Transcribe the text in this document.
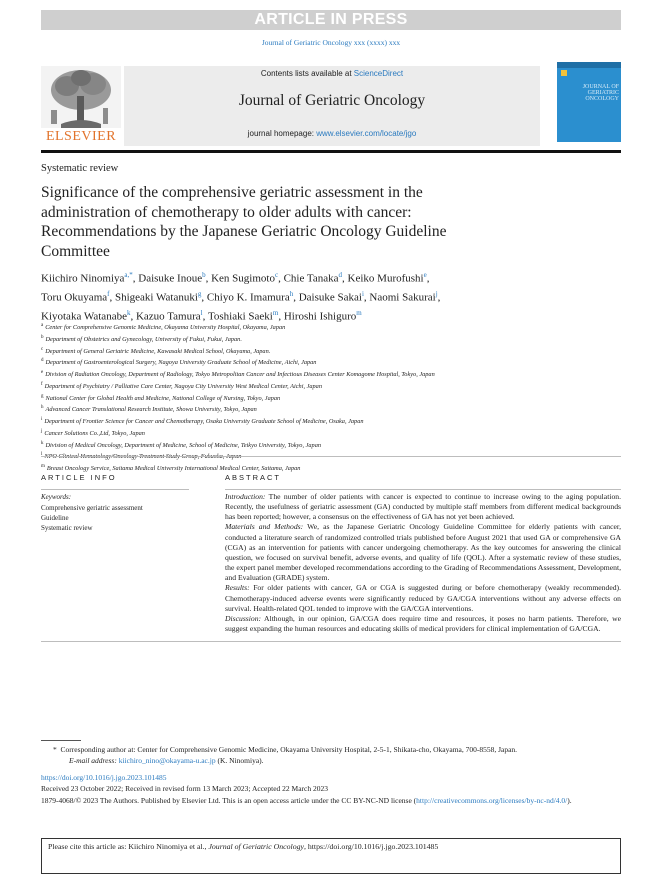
ARTICLE IN PRESS
Journal of Geriatric Oncology xxx (xxxx) xxx
ELSEVIER
Contents lists available at ScienceDirect
Journal of Geriatric Oncology
journal homepage: www.elsevier.com/locate/jgo
JOURNAL OF GERIATRIC ONCOLOGY
Systematic review
Significance of the comprehensive geriatric assessment in the administration of chemotherapy to older adults with cancer: Recommendations by the Japanese Geriatric Oncology Guideline Committee
Kiichiro Ninomiya$^{a,*}$, Daisuke Inoue$^b$, Ken Sugimoto$^c$, Chie Tanaka$^d$, Keiko Murofushi$^e$,
Toru Okuyama$^f$, Shigeaki Watanuki$^g$, Chiyo K. Imamura$^h$, Daisuke Sakai$^i$, Naomi Sakurai$^j$,
Kiyotaka Watanabe$^k$, Kazuo Tamura$^l$, Toshiaki Saeki$^m$, Hiroshi Ishiguro$^m$
$^a$ Center for Comprehensive Genomic Medicine, Okayama University Hospital, Okayama, Japan
$^b$ Department of Obstetrics and Gynecology, University of Fukui, Fukui, Japan.
$^c$ Department of General Geriatric Medicine, Kawasaki Medical School, Okayama, Japan.
$^d$ Department of Gastroenterological Surgery, Nagoya University Graduate School of Medicine, Aichi, Japan
$^e$ Division of Radiation Oncology, Department of Radiology, Tokyo Metropolitan Cancer and Infectious Diseases Center Komagome Hospital, Tokyo, Japan
$^f$ Department of Psychiatry / Palliative Care Center, Nagoya City University West Medical Center, Aichi, Japan
$^g$ National Center for Global Health and Medicine, National College of Nursing, Tokyo, Japan
$^h$ Advanced Cancer Translational Research Institute, Showa University, Tokyo, Japan
$^i$ Department of Frontier Science for Cancer and Chemotherapy, Osaka University Graduate School of Medicine, Osaka, Japan
$^j$ Cancer Solutions Co.,Ltd, Tokyo, Japan
$^k$ Division of Medical Oncology, Department of Medicine, School of Medicine, Teikyo University, Tokyo, Japan
$^l$
$^m$ Breast Oncology Service, Saitama Medical University International Medical Center, Saitama, Japan
ARTICLE INFO	ABSTRACT
Keywords:
Comprehensive geriatric assessment
Guideline
Systematic review

Introduction: The number of older patients with cancer is expected to continue to increase owing to the aging population. Recently, the usefulness of geriatric assessment (GA) conducted by multiple staff members from different medical backgrounds has been reported; however, a consensus on the effectiveness of GA has not yet been achieved.

Materials and Methods: We, as the Japanese Geriatric Oncology Guideline Committee for elderly patients with cancer, conducted a literature search of randomized controlled trials published before August 2021 that used GA or comprehensive GA (CGA) as an intervention for patients with cancer undergoing chemotherapy. As the key outcomes for answering the clinical question, we focused on survival benefit, adverse events, and quality of life (QOL). After a systematic review of these studies, the expert panel member developed recommendations according to the Grading of Recommendations Assessment, Development, and Evaluation (GRADE) system.

Results: For older patients with cancer, GA or CGA is suggested during or before chemotherapy (weakly recommended). Chemotherapy-induced adverse events were significantly reduced by GA/CGA interventions without any adverse effects on survival. Health-related QOL tended to improve with the GA/CGA interventions.

Discussion: Although, in our opinion, GA/CGA does require time and resources, it poses no harm patients. Therefore, we suggest expanding the human resources and educating skills of medical providers for clinical implementation of GA/CGA.

* Corresponding author at: Center for Comprehensive Genomic Medicine, Okayama University Hospital, 2-5-1, Shikata-cho, Okayama, 700-8558, Japan.
E-mail address: kiichiro_nino@okayama-u.ac.jp (K. Ninomiya).
https://doi.org/10.1016/j.jgo.2023.101485
Received 23 October 2022; Received in revised form 13 March 2023; Accepted 22 March 2023
1879-4068/© 2023 The Authors. Published by Elsevier Ltd. This is an open access article under the CC BY-NC-ND license (http://creativecommons.org/licenses/by-nc-nd/4.0/).
Please cite this article as: Kiichiro Ninomiya et al., Journal of Geriatric Oncology, https://doi.org/10.1016/j.jgo.2023.101485
